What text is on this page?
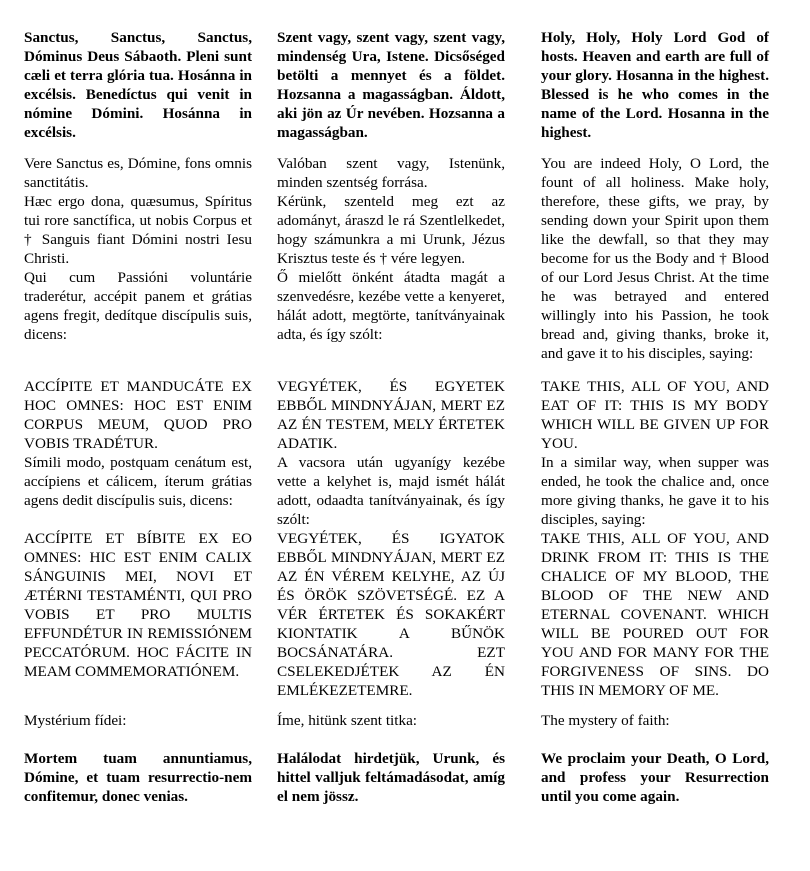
Sanctus, Sanctus, Sanctus, Dóminus Deus Sábaoth. Pleni sunt cæli et terra glória tua. Hosánna in excélsis. Benedíctus qui venit in nómine Dómini. Hosánna in excélsis.

Vere Sanctus es, Dómine, fons omnis sanctitátis.

Hæc ergo dona, quæsumus, Spíritus tui rore sanctífica, ut nobis Corpus et † Sanguis fiant Dómini nostri Iesu Christi.

Qui cum Passióni voluntárie traderétur, accépit panem et grátias agens fregit, dedítque discípulis suis, dicens:

ACCÍPITE ET MANDUCÁTE EX HOC OMNES: HOC EST ENIM CORPUS MEUM, QUOD PRO VOBIS TRADÉTUR.

Símili modo, postquam cenátum est, accípiens et cálicem, íterum grátias agens dedit discípulis suis, dicens:

ACCÍPITE ET BÍBITE EX EO OMNES: HIC EST ENIM CALIX SÁNGUINIS MEI, NOVI ET ÆTÉRNI TESTAMÉNTI, QUI PRO VOBIS ET PRO MULTIS EFFUNDÉTUR IN REMISSIÓNEM PECCATÓRUM. HOC FÁCITE IN MEAM COMMEMORATIÓNEM.

Mystérium fídei:

Mortem tuam annuntiamus, Dómine, et tuam resurrectio-nem confitemur, donec venias.

Szent vagy, szent vagy, szent vagy, mindenség Ura, Istene. Dicsőséged betölti a mennyet és a földet. Hozsanna a magasságban. Áldott, aki jön az Úr nevében. Hozsanna a magasságban.

Valóban szent vagy, Istenünk, minden szentség forrása.

Kérünk, szenteld meg ezt az adományt, áraszd le rá Szentlelkedet, hogy számunkra a mi Urunk, Jézus Krisztus teste és † vére legyen.

Ő mielőtt önként átadta magát a szenvedésre, kezébe vette a kenyeret, hálát adott, megtörte, tanítványainak adta, és így szólt:

VEGYÉTEK, ÉS EGYETEK EBBŐL MINDNYÁJAN, MERT EZ AZ ÉN TESTEM, MELY ÉRTETEK ADATIK.

A vacsora után ugyanígy kezébe vette a kelyhet is, majd ismét hálát adott, odaadta tanítványainak, és így szólt:

VEGYÉTEK, ÉS IGYATOK EBBŐL MINDNYÁJAN, MERT EZ AZ ÉN VÉREM KELYHE, AZ ÚJ ÉS ÖRÖK SZÖVETSÉGÉ. EZ A VÉR ÉRTETEK ÉS SOKAKÉRT KIONTATIK A BŰNÖK BOCSÁNATÁRA. EZT CSELEKEDJÉTEK AZ ÉN EMLÉKEZETEMRE.

Íme, hitünk szent titka:

Halálodat hirdetjük, Urunk, és hittel valljuk feltámadásodat, amíg el nem jössz.

Holy, Holy, Holy Lord God of hosts. Heaven and earth are full of your glory. Hosanna in the highest. Blessed is he who comes in the name of the Lord. Hosanna in the highest.

You are indeed Holy, O Lord, the fount of all holiness. Make holy, therefore, these gifts, we pray, by sending down your Spirit upon them like the dewfall, so that they may become for us the Body and † Blood of our Lord Jesus Christ. At the time he was betrayed and entered willingly into his Passion, he took bread and, giving thanks, broke it, and gave it to his disciples, saying:

TAKE THIS, ALL OF YOU, AND EAT OF IT: THIS IS MY BODY WHICH WILL BE GIVEN UP FOR YOU.

In a similar way, when supper was ended, he took the chalice and, once more giving thanks, he gave it to his disciples, saying:

TAKE THIS, ALL OF YOU, AND DRINK FROM IT: THIS IS THE CHALICE OF MY BLOOD, THE BLOOD OF THE NEW AND ETERNAL COVENANT. WHICH WILL BE POURED OUT FOR YOU AND FOR MANY FOR THE FORGIVENESS OF SINS. DO THIS IN MEMORY OF ME.

The mystery of faith:

We proclaim your Death, O Lord, and profess your Resurrection until you come again.
